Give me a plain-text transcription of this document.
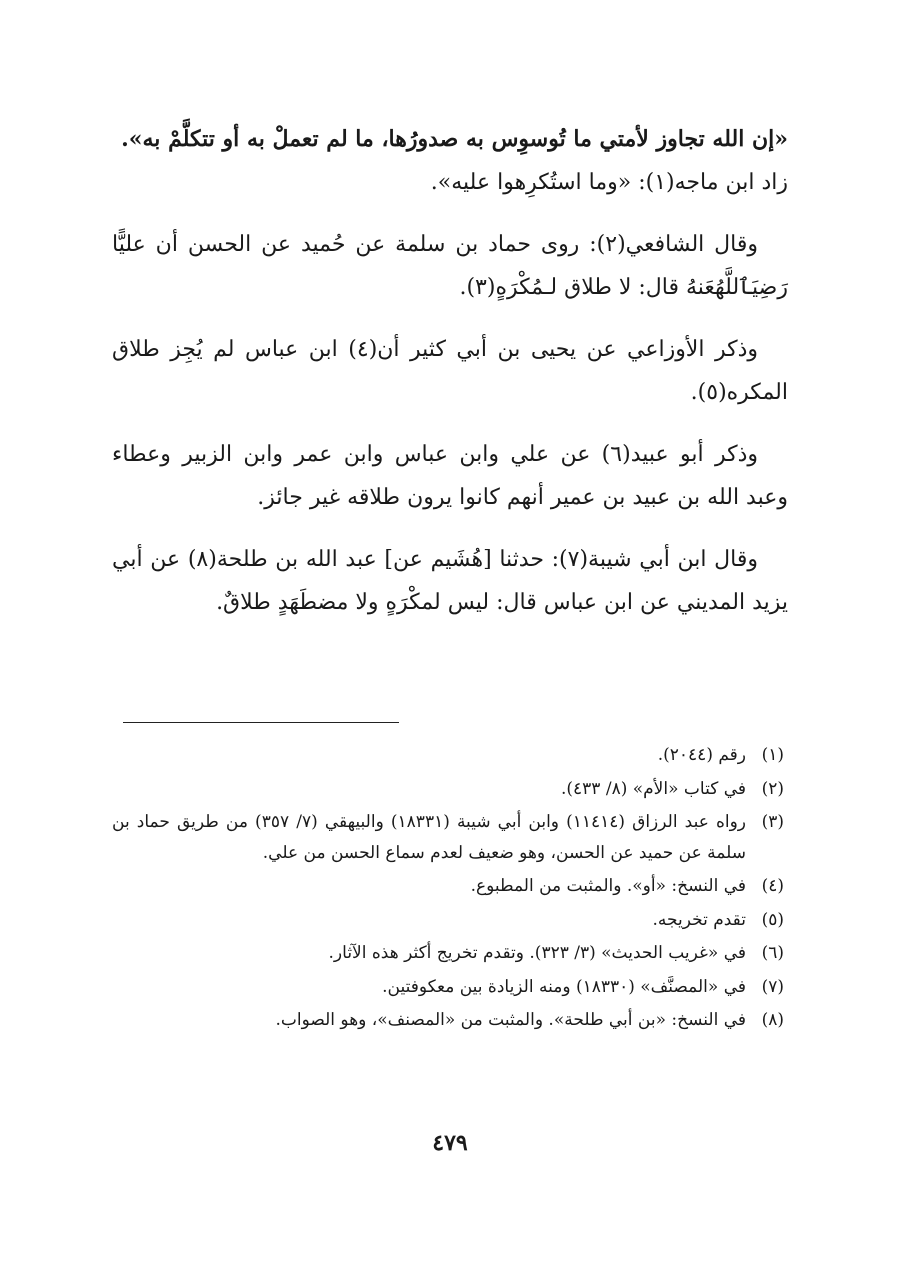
«إن الله تجاوز لأمتي ما تُوسوِس به صدورُها، ما لم تعملْ به أو تتكلَّمْ به».
زاد ابن ماجه(١): «وما استُكرِهوا عليه».

وقال الشافعي(٢): روى حماد بن سلمة عن حُميد عن الحسن أن عليًّا رَضِيَٱللَّهُعَنهُ قال: لا طلاق لـمُكْرَهٍ(٣).

وذكر الأوزاعي عن يحيى بن أبي كثير أن(٤) ابن عباس لم يُجِز طلاق المكره(٥).

وذكر أبو عبيد(٦) عن علي وابن عباس وابن عمر وابن الزبير وعطاء وعبد الله بن عبيد بن عمير أنهم كانوا يرون طلاقه غير جائز.

وقال ابن أبي شيبة(٧): حدثنا [هُشَيم عن] عبد الله بن طلحة(٨) عن أبي يزيد المديني عن ابن عباس قال: ليس لمكْرَهٍ ولا مضطَهَدٍ طلاقٌ.

(١)
رقم (٢٠٤٤).
(٢)
في كتاب «الأم» (٨/ ٤٣٣).
(٣)
رواه عبد الرزاق (١١٤١٤) وابن أبي شيبة (١٨٣٣١) والبيهقي (٧/ ٣٥٧) من طريق حماد بن سلمة عن حميد عن الحسن، وهو ضعيف لعدم سماع الحسن من علي.
(٤)
في النسخ: «أو». والمثبت من المطبوع.
(٥)
تقدم تخريجه.
(٦)
في «غريب الحديث» (٣/ ٣٢٣). وتقدم تخريج أكثر هذه الآثار.
(٧)
في «المصنَّف» (١٨٣٣٠) ومنه الزيادة بين معكوفتين.
(٨)
في النسخ: «بن أبي طلحة». والمثبت من «المصنف»، وهو الصواب.
٤٧٩
